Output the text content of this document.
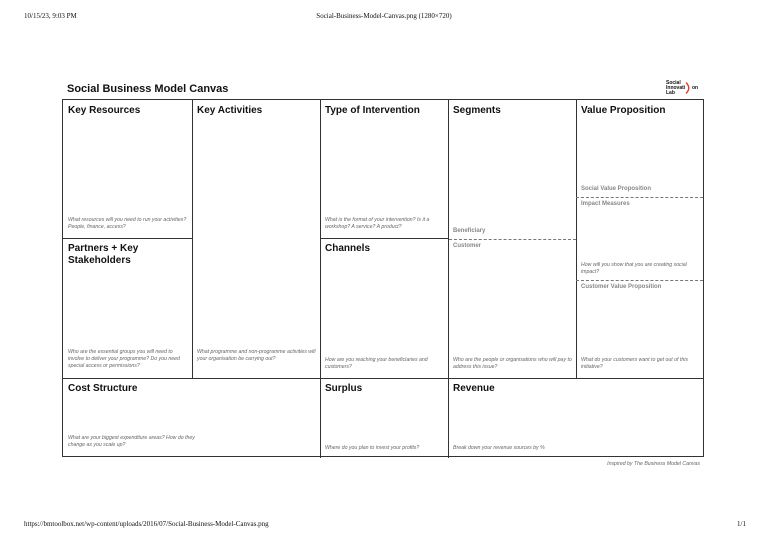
10/15/23, 9:03 PM	Social-Business-Model-Canvas.png (1280×720)
https://bmtoolbox.net/wp-content/uploads/2016/07/Social-Business-Model-Canvas.png	1/1
Social Business Model Canvas	Social
Innovati
Lab
on
Key Resources
What resources will you need to run your activities? People, finance, access?
Key Activities
What programme and non-programme activities will your organisation be carrying out?
Type of Intervention
What is the format of your intervention? Is it a workshop? A service? A product?
Segments
Beneficiary
Customer
Who are the people or organisations who will pay to address this issue?
Value Proposition
Social Value Proposition
Impact Measures
How will you show that you are creating social impact?
Customer Value Proposition
What do your customers want to get out of this initiative?
Partners + Key Stakeholders
Who are the essential groups you will need to involve to deliver your programme? Do you need special access or permissions?
Channels
How are you reaching your beneficiaries and customers?
Cost Structure
What are your biggest expenditure areas? How do they change as you scale up?
Surplus
Where do you plan to invest your profits?
Revenue
Break down your revenue sources by %
Inspired by The Business Model Canvas
